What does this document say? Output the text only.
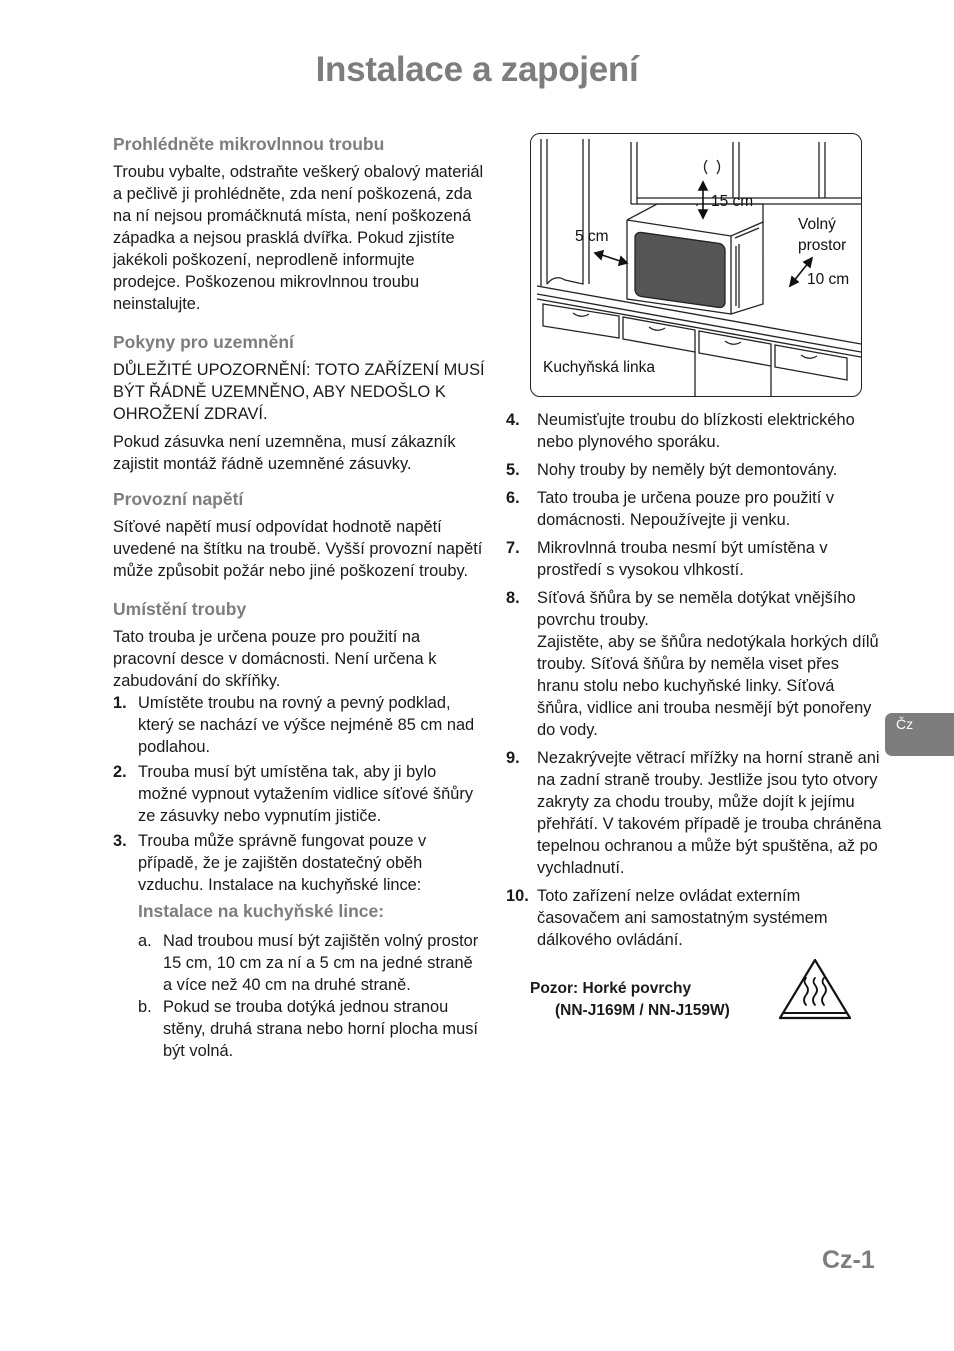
Instalace a zapojení
Prohlédněte mikrovlnnou troubu

Troubu vybalte, odstraňte veškerý obalový materiál a pečlivě ji prohlédněte, zda není poškozená, zda na ní nejsou promáčknutá místa, není poškozená západka a nejsou prasklá dvířka. Pokud zjistíte jakékoli poškození, neprodleně informujte prodejce. Poškozenou mikrovlnnou troubu neinstalujte.

Pokyny pro uzemnění

DŮLEŽITÉ UPOZORNĚNÍ: TOTO ZAŘÍZENÍ MUSÍ BÝT ŘÁDNĚ UZEMNĚNO, ABY NEDOŠLO K OHROŽENÍ ZDRAVÍ.

Pokud zásuvka není uzemněna, musí zákazník zajistit montáž řádně uzemněné zásuvky.

Provozní napětí

Síťové napětí musí odpovídat hodnotě napětí uvedené na štítku na troubě. Vyšší provozní napětí může způsobit požár nebo jiné poškození trouby.

Umístění trouby

Tato trouba je určena pouze pro použití na pracovní desce v domácnosti. Není určena k zabudování do skříňky.

1. Umístěte troubu na rovný a pevný podklad, který se nachází ve výšce nejméně 85 cm nad podlahou.
2. Trouba musí být umístěna tak, aby ji bylo možné vypnout vytažením vidlice síťové šňůry ze zásuvky nebo vypnutím jističe.
3. Trouba může správně fungovat pouze v případě, že je zajištěn dostatečný oběh vzduchu. Instalace na kuchyňské lince:
Instalace na kuchyňské lince:
a. Nad troubou musí být zajištěn volný prostor 15 cm, 10 cm za ní a 5 cm na jedné straně a více než 40 cm na druhé straně.
b. Pokud se trouba dotýká jednou stranou stěny, druhá strana nebo horní plocha musí být volná.
15 cm
5 cm
Volný
prostor
10 cm
Kuchyňská linka
4.	Neumisťujte troubu do blízkosti elektrického nebo plynového sporáku.
5.	Nohy trouby by neměly být demontovány.
6.	Tato trouba je určena pouze pro použití v domácnosti. Nepoužívejte ji venku.
7.	Mikrovlnná trouba nesmí být umístěna v prostředí s vysokou vlhkostí.
8.	Síťová šňůra by se neměla dotýkat vnějšího povrchu trouby.
Zajistěte, aby se šňůra nedotýkala horkých dílů trouby. Síťová šňůra by neměla viset přes hranu stolu nebo kuchyňské linky. Síťová šňůra, vidlice ani trouba nesmějí být ponořeny do vody.
9.	Nezakrývejte větrací mřížky na horní straně ani na zadní straně trouby. Jestliže jsou tyto otvory zakryty za chodu trouby, může dojít k jejímu přehřátí. V takovém případě je trouba chráněna tepelnou ochranou a může být spuštěna, až po vychladnutí.
10. Toto zařízení nelze ovládat externím časovačem ani samostatným systémem dálkového ovládání.
Pozor: Horké povrchy
(NN-J169M / NN-J159W)
Čz
Cz-1
